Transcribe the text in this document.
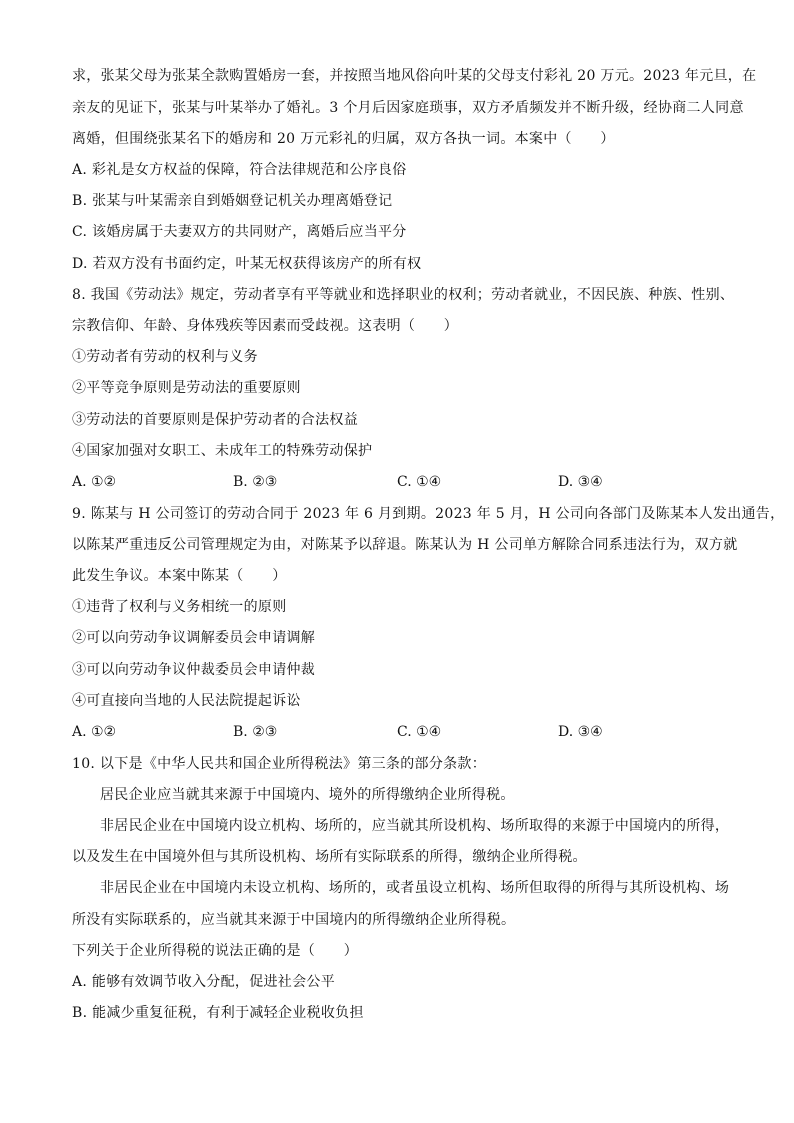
求，张某父母为张某全款购置婚房一套，并按照当地风俗向叶某的父母支付彩礼 20 万元。2023 年元旦，在
亲友的见证下，张某与叶某举办了婚礼。3 个月后因家庭琐事，双方矛盾频发并不断升级，经协商二人同意
离婚，但围绕张某名下的婚房和 20 万元彩礼的归属，双方各执一词。本案中（　　）
A. 彩礼是女方权益的保障，符合法律规范和公序良俗
B. 张某与叶某需亲自到婚姻登记机关办理离婚登记
C. 该婚房属于夫妻双方的共同财产，离婚后应当平分
D. 若双方没有书面约定，叶某无权获得该房产的所有权
8. 我国《劳动法》规定，劳动者享有平等就业和选择职业的权利；劳动者就业，不因民族、种族、性别、
宗教信仰、年龄、身体残疾等因素而受歧视。这表明（　　）
①劳动者有劳动的权利与义务
②平等竞争原则是劳动法的重要原则
③劳动法的首要原则是保护劳动者的合法权益
④国家加强对女职工、未成年工的特殊劳动保护
A. ①②	B. ②③	C. ①④	D. ③④
9. 陈某与 H 公司签订的劳动合同于 2023 年 6 月到期。2023 年 5 月，H 公司向各部门及陈某本人发出通告，
以陈某严重违反公司管理规定为由，对陈某予以辞退。陈某认为 H 公司单方解除合同系违法行为，双方就
此发生争议。本案中陈某（　　）
①违背了权利与义务相统一的原则
②可以向劳动争议调解委员会申请调解
③可以向劳动争议仲裁委员会申请仲裁
④可直接向当地的人民法院提起诉讼
A. ①②	B. ②③	C. ①④	D. ③④
10. 以下是《中华人民共和国企业所得税法》第三条的部分条款：
居民企业应当就其来源于中国境内、境外的所得缴纳企业所得税。
非居民企业在中国境内设立机构、场所的，应当就其所设机构、场所取得的来源于中国境内的所得，
以及发生在中国境外但与其所设机构、场所有实际联系的所得，缴纳企业所得税。
非居民企业在中国境内未设立机构、场所的，或者虽设立机构、场所但取得的所得与其所设机构、场
所没有实际联系的，应当就其来源于中国境内的所得缴纳企业所得税。
下列关于企业所得税的说法正确的是（　　）
A. 能够有效调节收入分配，促进社会公平
B. 能减少重复征税，有利于减轻企业税收负担
